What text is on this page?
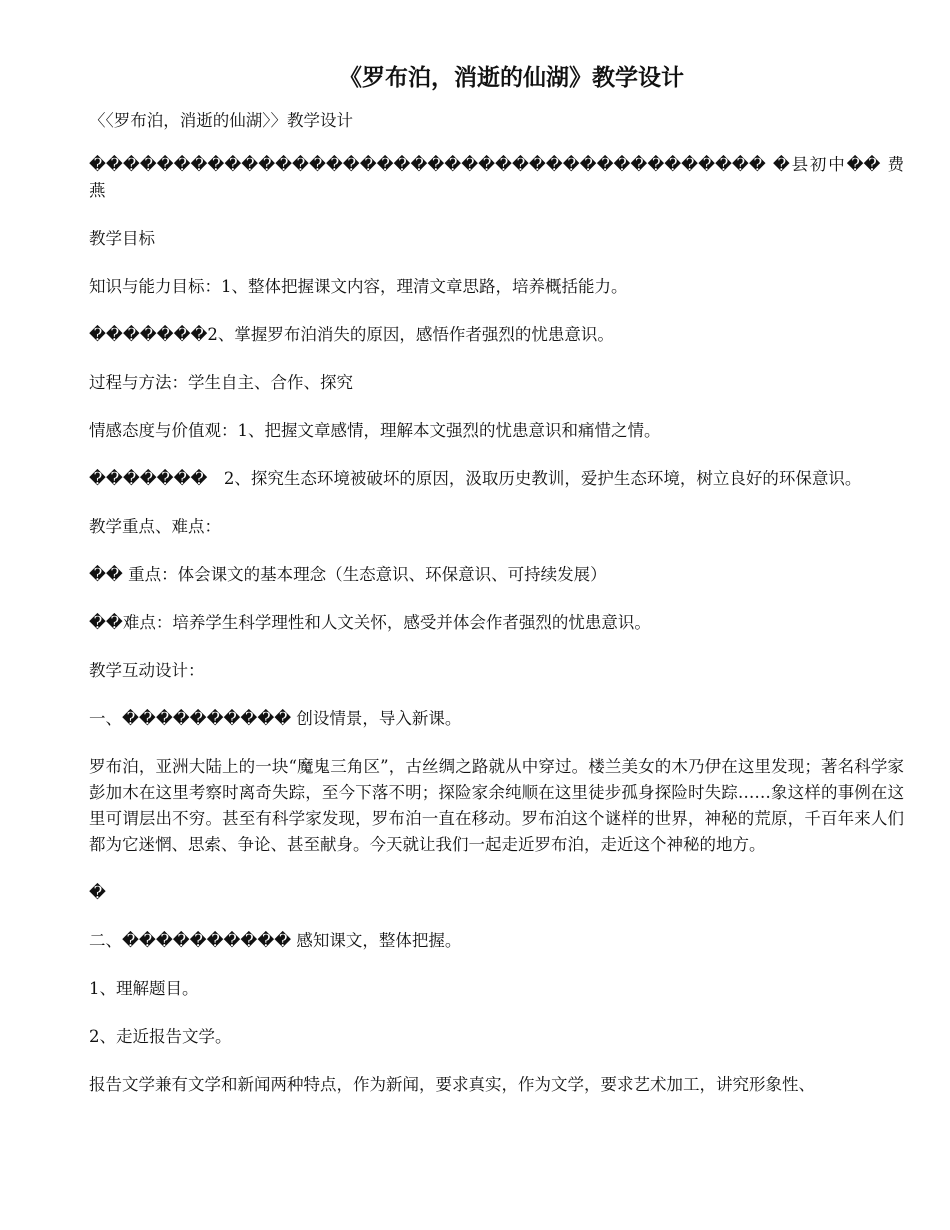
《罗布泊，消逝的仙湖》教学设计

〈〈罗布泊，消逝的仙湖〉〉教学设计

���������������������������������������� �县初中�� 费燕

教学目标

知识与能力目标：1、整体把握课文内容，理清文章思路，培养概括能力。

�������2、掌握罗布泊消失的原因，感悟作者强烈的忧患意识。

过程与方法：学生自主、合作、探究

情感态度与价值观：1、把握文章感情，理解本文强烈的忧患意识和痛惜之情。

�������　2、探究生态环境被破坏的原因，汲取历史教训，爱护生态环境，树立良好的环保意识。

教学重点、难点：

�� 重点：体会课文的基本理念（生态意识、环保意识、可持续发展）

��难点：培养学生科学理性和人文关怀，感受并体会作者强烈的忧患意识。

教学互动设计：

一、���������� 创设情景，导入新课。

罗布泊，亚洲大陆上的一块“魔鬼三角区”，古丝绸之路就从中穿过。楼兰美女的木乃伊在这里发现；著名科学家彭加木在这里考察时离奇失踪，至今下落不明；探险家余纯顺在这里徒步孤身探险时失踪……象这样的事例在这里可谓层出不穷。甚至有科学家发现，罗布泊一直在移动。罗布泊这个谜样的世界，神秘的荒原，千百年来人们都为它迷惘、思索、争论、甚至献身。今天就让我们一起走近罗布泊，走近这个神秘的地方。

�

二、���������� 感知课文，整体把握。

1、理解题目。

2、走近报告文学。

报告文学兼有文学和新闻两种特点，作为新闻，要求真实，作为文学，要求艺术加工，讲究形象性、
